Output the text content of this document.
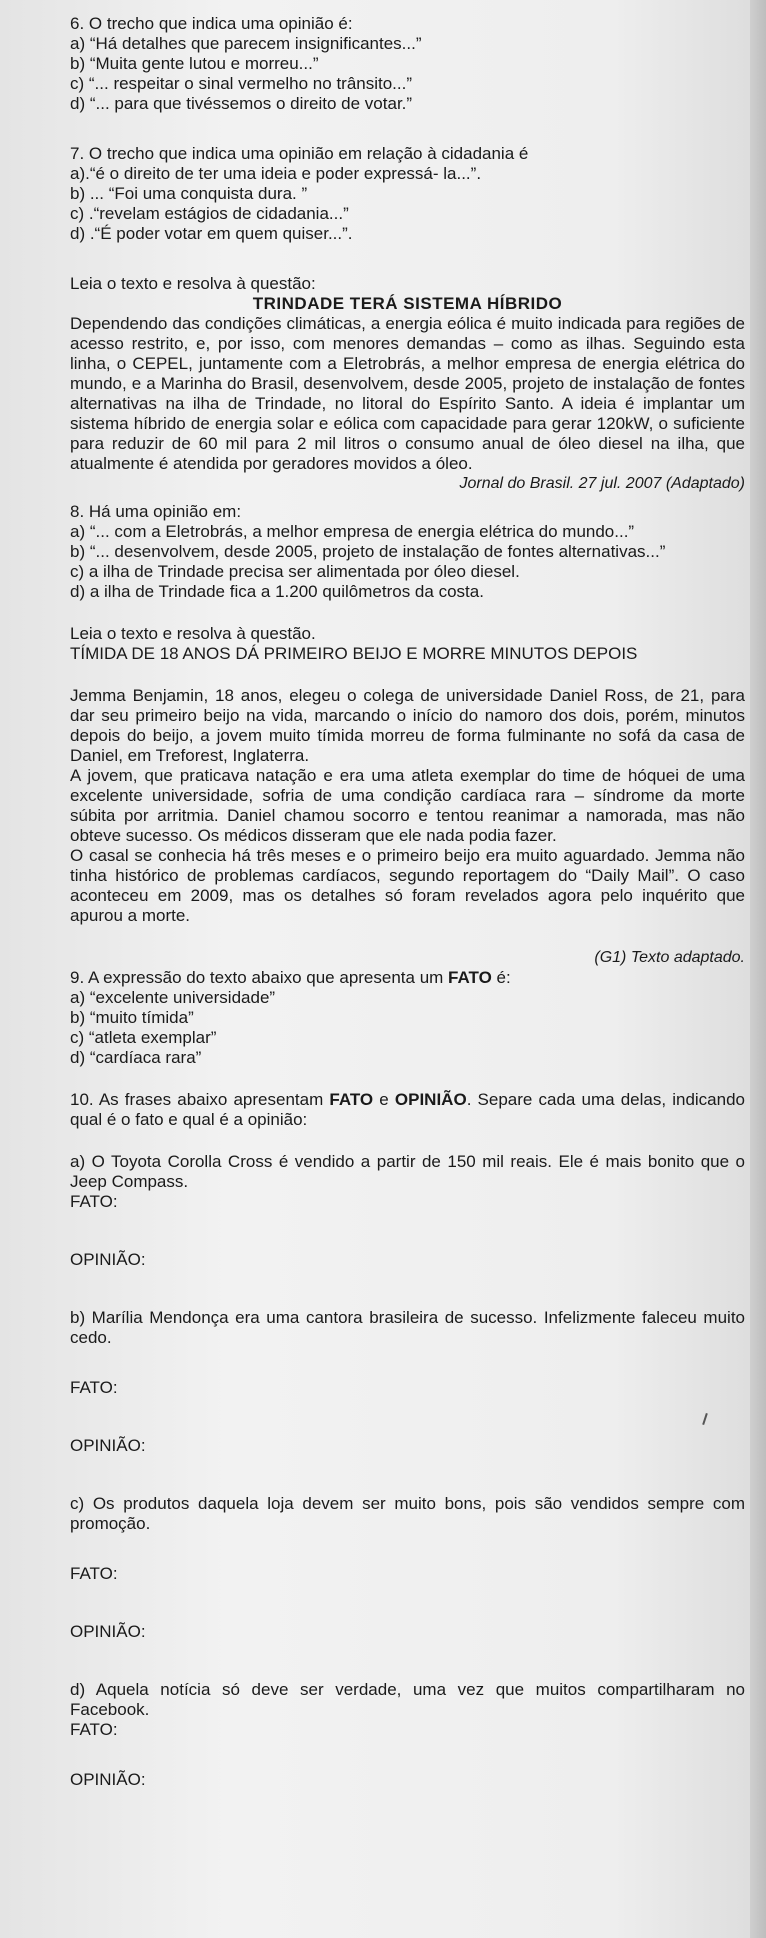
6. O trecho que indica uma opinião é:

a) “Há detalhes que parecem insignificantes...”

b) “Muita gente lutou e morreu...”

c) “... respeitar o sinal vermelho no trânsito...”

d) “... para que tivéssemos o direito de votar.”

7. O trecho que indica uma opinião em relação à cidadania é

a).“é o direito de ter uma ideia e poder expressá- la...”.

b) ... “Foi uma conquista dura. ”

c) .“revelam estágios de cidadania...”

d) .“É poder votar em quem quiser...”.

Leia o texto e resolva à questão:

TRINDADE TERÁ SISTEMA HÍBRIDO

Dependendo das condições climáticas, a energia eólica é muito indicada para regiões de acesso restrito, e, por isso, com menores demandas – como as ilhas. Seguindo esta linha, o CEPEL, juntamente com a Eletrobrás, a melhor empresa de energia elétrica do mundo, e a Marinha do Brasil, desenvolvem, desde 2005, projeto de instalação de fontes alternativas na ilha de Trindade, no litoral do Espírito Santo. A ideia é implantar um sistema híbrido de energia solar e eólica com capacidade para gerar 120kW, o suficiente para reduzir de 60 mil para 2 mil litros o consumo anual de óleo diesel na ilha, que atualmente é atendida por geradores movidos a óleo.

Jornal do Brasil. 27 jul. 2007 (Adaptado)

8. Há uma opinião em:

a) “... com a Eletrobrás, a melhor empresa de energia elétrica do mundo...”

b) “... desenvolvem, desde 2005, projeto de instalação de fontes alternativas...”

c) a ilha de Trindade precisa ser alimentada por óleo diesel.

d) a ilha de Trindade fica a 1.200 quilômetros da costa.

Leia o texto e resolva à questão.

TÍMIDA DE 18 ANOS DÁ PRIMEIRO BEIJO E MORRE MINUTOS DEPOIS

Jemma Benjamin, 18 anos, elegeu o colega de universidade Daniel Ross, de 21, para dar seu primeiro beijo na vida, marcando o início do namoro dos dois, porém, minutos depois do beijo, a jovem muito tímida morreu de forma fulminante no sofá da casa de Daniel, em Treforest, Inglaterra.

A jovem, que praticava natação e era uma atleta exemplar do time de hóquei de uma excelente universidade, sofria de uma condição cardíaca rara – síndrome da morte súbita por arritmia. Daniel chamou socorro e tentou reanimar a namorada, mas não obteve sucesso. Os médicos disseram que ele nada podia fazer.

O casal se conhecia há três meses e o primeiro beijo era muito aguardado. Jemma não tinha histórico de problemas cardíacos, segundo reportagem do “Daily Mail”. O caso aconteceu em 2009, mas os detalhes só foram revelados agora pelo inquérito que apurou a morte.

(G1) Texto adaptado.

9. A expressão do texto abaixo que apresenta um FATO é:

a) “excelente universidade”

b) “muito tímida”

c) “atleta exemplar”

d) “cardíaca rara”

10. As frases abaixo apresentam FATO e OPINIÃO. Separe cada uma delas, indicando qual é o fato e qual é a opinião:

a) O Toyota Corolla Cross é vendido a partir de 150 mil reais. Ele é mais bonito que o Jeep Compass.

FATO:

OPINIÃO:

b) Marília Mendonça era uma cantora brasileira de sucesso. Infelizmente faleceu muito cedo.

FATO:

OPINIÃO:

c) Os produtos daquela loja devem ser muito bons, pois são vendidos sempre com promoção.

FATO:

OPINIÃO:

d) Aquela notícia só deve ser verdade, uma vez que muitos compartilharam no Facebook.

FATO:

OPINIÃO:
